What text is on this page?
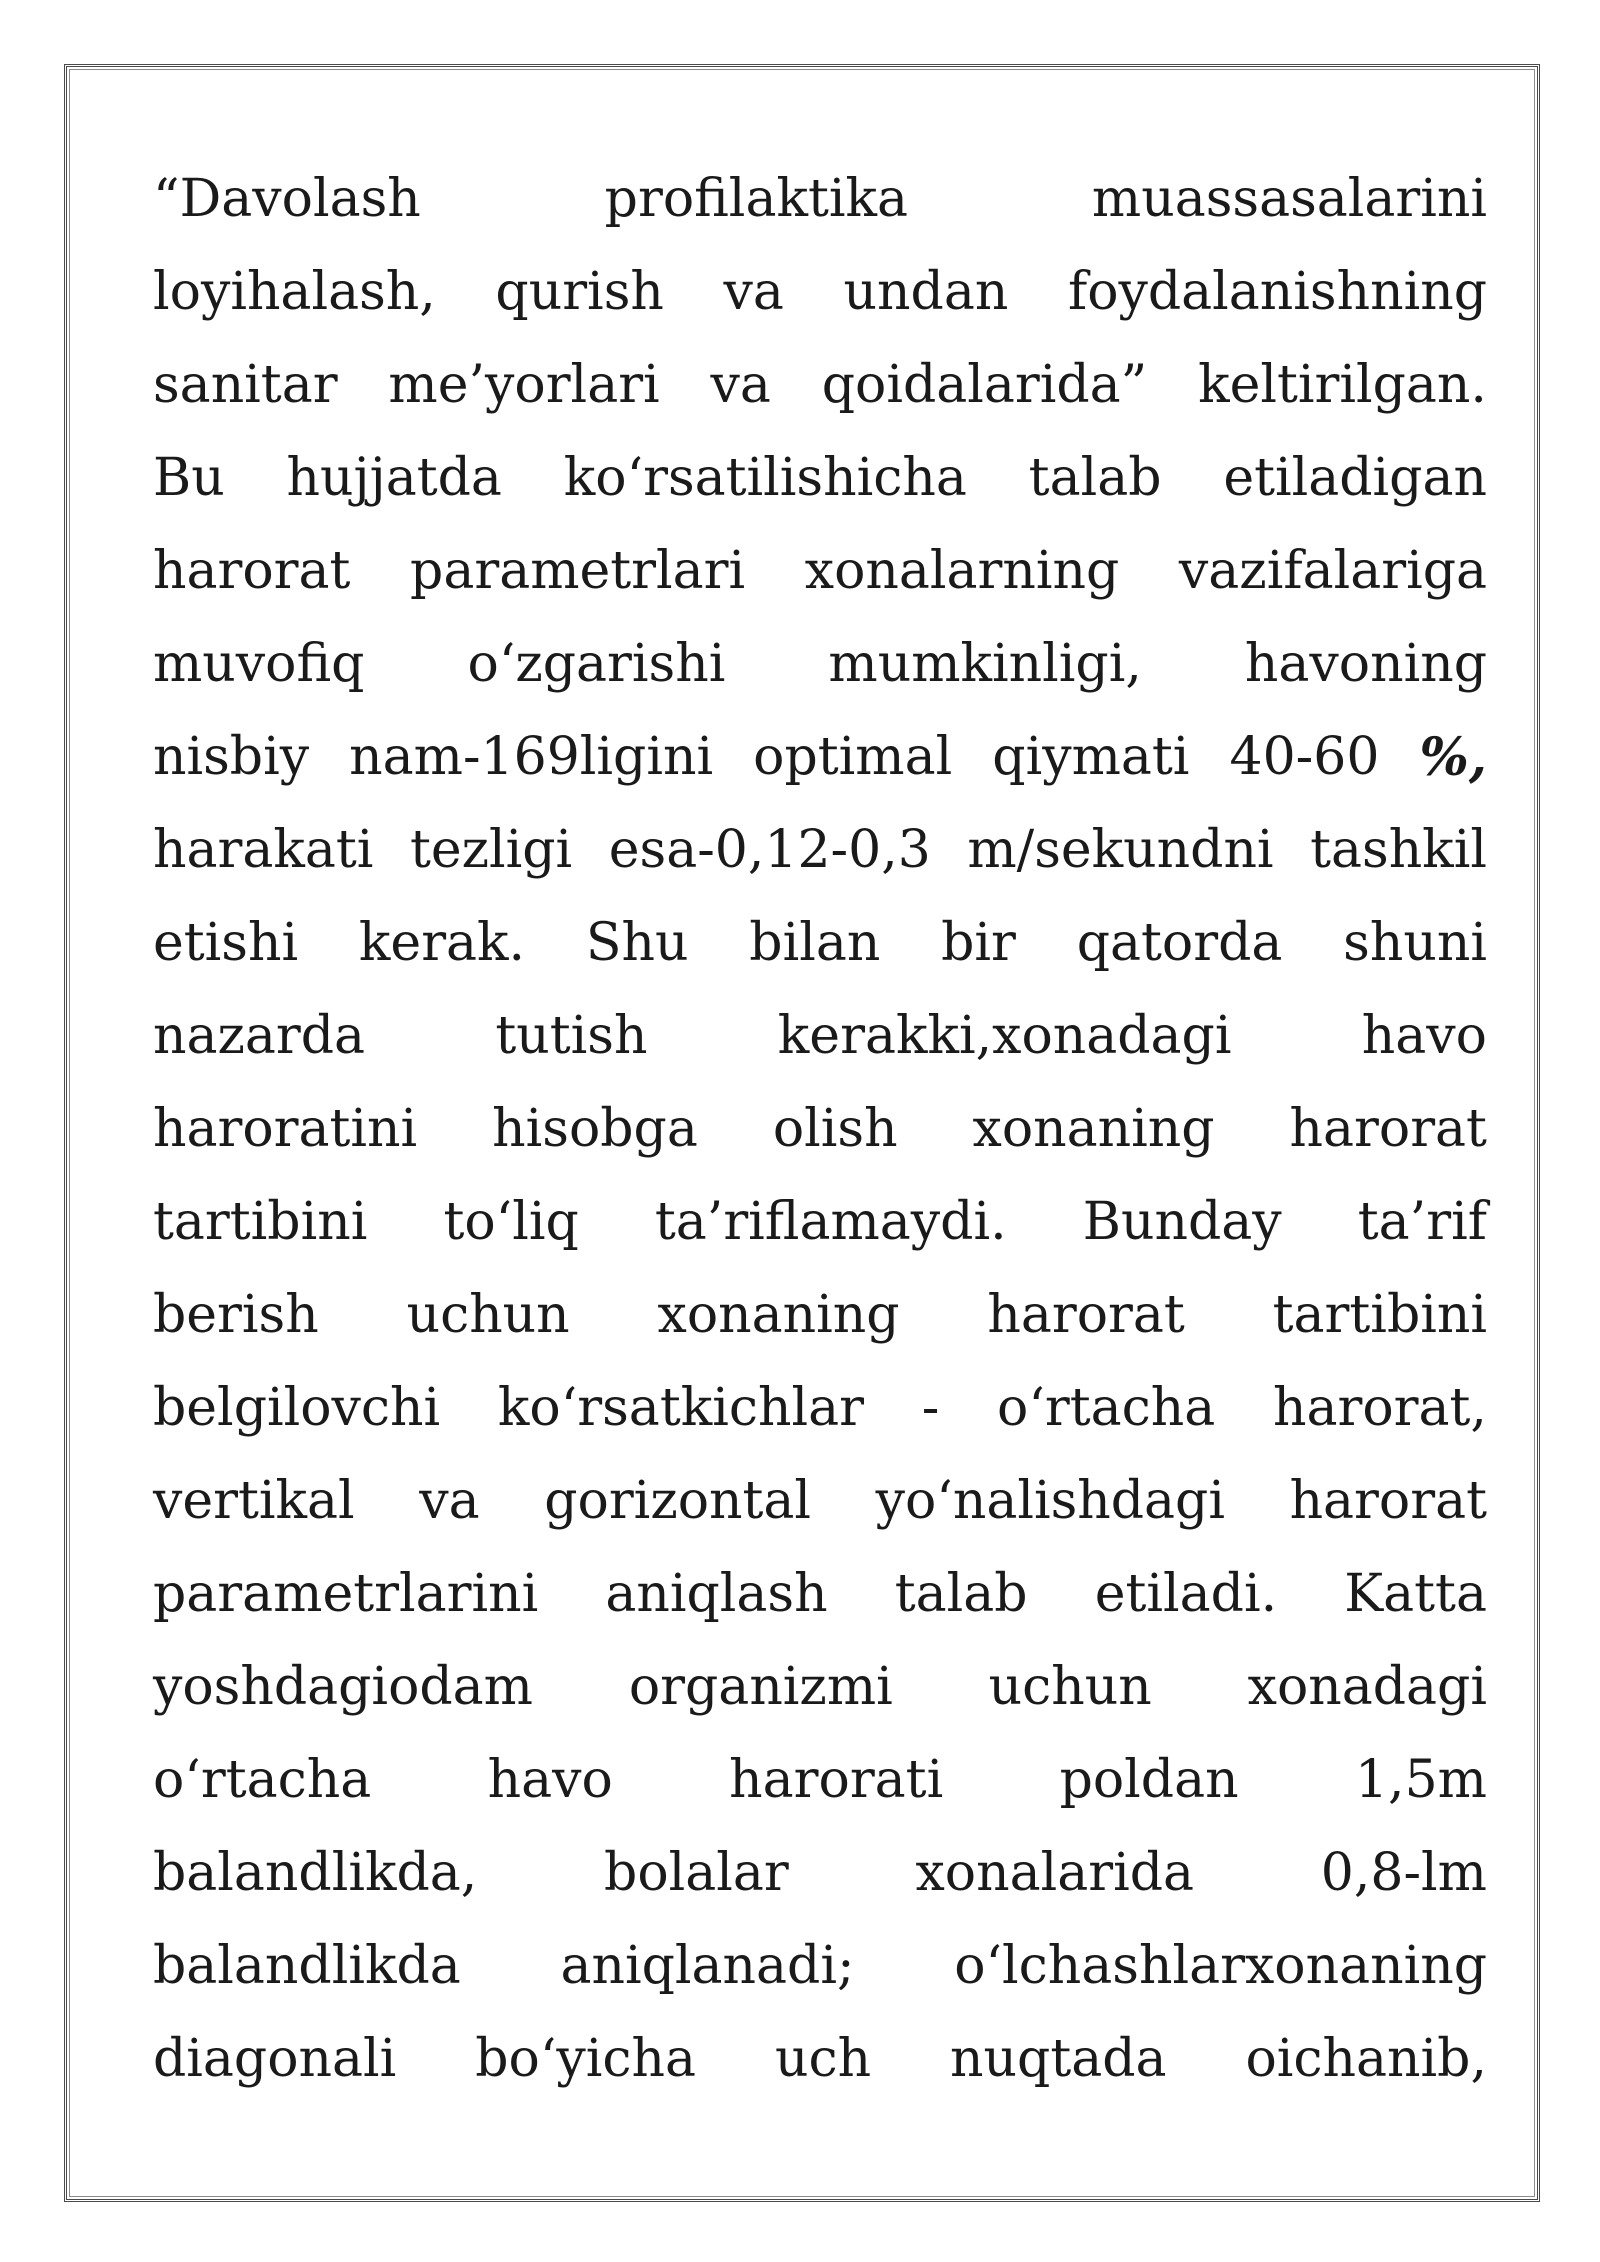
“Davolash	profilaktika	muassasalarini
loyihalash, qurish va undan foydalanishning
sanitar me’yorlari va qoidalarida” keltirilgan.
Bu hujjatda ko‘rsatilishicha talab etiladigan
harorat parametrlari xonalarning vazifalariga
muvofiq o‘zgarishi mumkinligi, havoning
nisbiy nam-169ligini optimal qiymati 40-60 %,
harakati tezligi esa-0,12-0,3 m/sekundni tashkil
etishi kerak. Shu bilan bir qatorda shuni
nazarda	tutish	kerakki,xonadagi	havo
haroratini hisobga olish xonaning harorat
tartibini to‘liq ta’riflamaydi. Bunday ta’rif
berish uchun xonaning harorat tartibini
belgilovchi ko‘rsatkichlar - o‘rtacha harorat,
vertikal va gorizontal yo‘nalishdagi harorat
parametrlarini aniqlash talab etiladi. Katta
yoshdagiodam organizmi uchun xonadagi
o‘rtacha havo harorati poldan 1,5m
balandlikda, bolalar xonalarida 0,8-lm
balandlikda aniqlanadi; o‘lchashlarxonaning
diagonali bo‘yicha uch nuqtada oichanib,
